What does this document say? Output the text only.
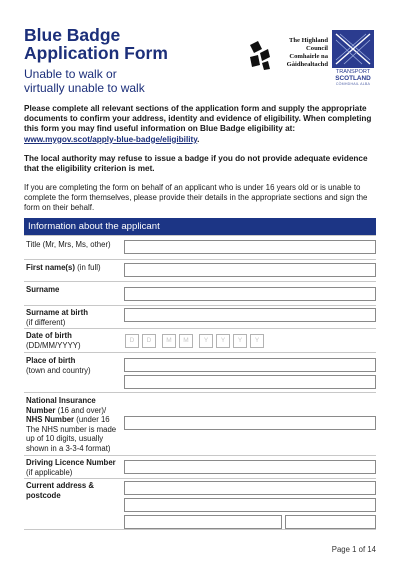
Blue Badge
Application Form
Unable to walk or
virtually unable to walk
The Highland
Council
Comhairle na
Gàidhealtachd
TRANSPORT
SCOTLAND
CÒMHDHAIL ALBA

Please complete all relevant sections of the application form and supply the appropriate documents to confirm your address, identity and evidence of eligibility. When completing this form you may find useful information on Blue Badge eligibility at: www.mygov.scot/apply-blue-badge/eligibility.

The local authority may refuse to issue a badge if you do not provide adequate evidence that the eligibility criterion is met.

If you are completing the form on behalf of an applicant who is under 16 years old or is unable to complete the form themselves, please provide their details in the appropriate sections and sign the form on their behalf.

Information about the applicant
Title (Mr, Mrs, Ms, other)
First name(s) (in full)
Surname
Surname at birth
(if different)
Date of birth
(DD/MM/YYYY)
D	D	M	M	Y	Y	Y	Y
Place of birth
(town and country)
National Insurance Number (16 and over)/ NHS Number (under 16 The NHS number is made up of 10 digits, usually shown in a 3-3-4 format)
Driving Licence Number
(if applicable)
Current address & postcode
Page 1 of 14
